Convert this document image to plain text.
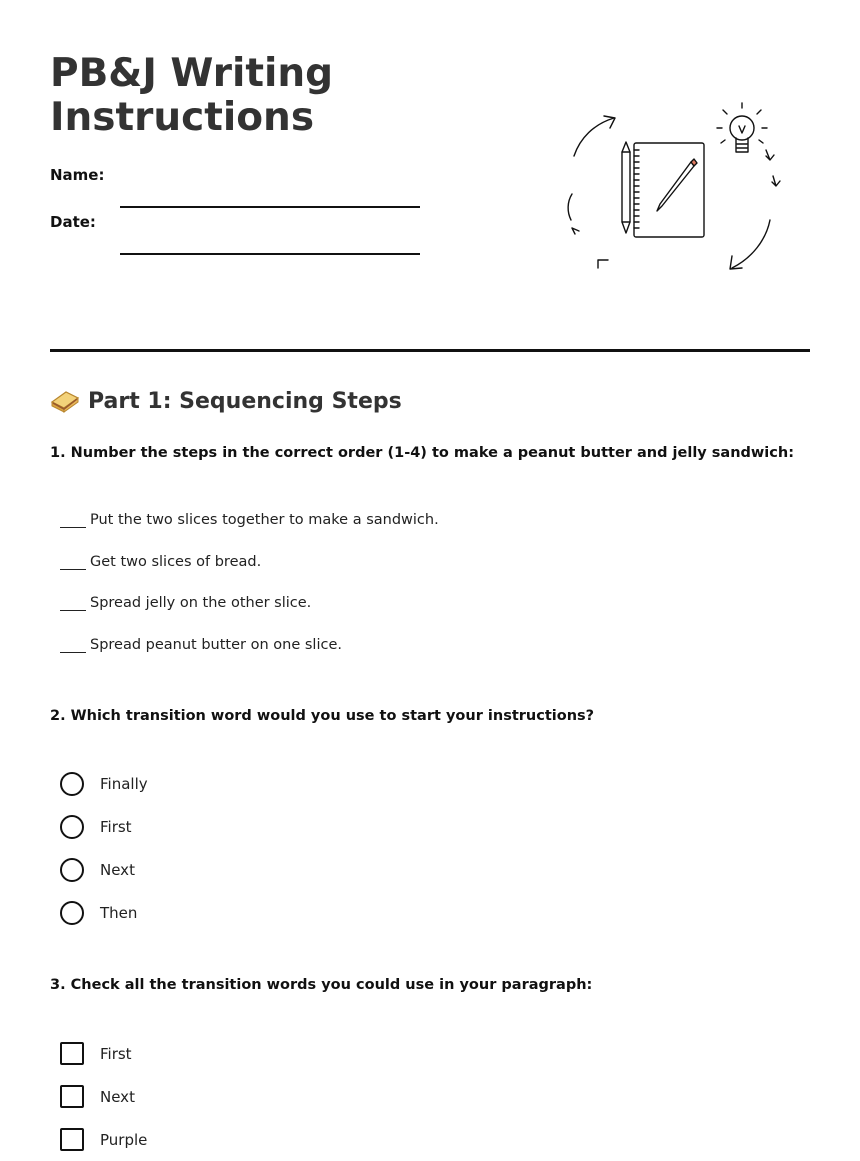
PB&J Writing
Instructions
Name:
Date:
Part 1: Sequencing Steps
1. Number the steps in the correct order (1-4) to make a peanut butter and jelly sandwich:
Put the two slices together to make a sandwich.
Get two slices of bread.
Spread jelly on the other slice.
Spread peanut butter on one slice.
2. Which transition word would you use to start your instructions?
Finally
First
Next
Then
3. Check all the transition words you could use in your paragraph:
First
Next
Purple
